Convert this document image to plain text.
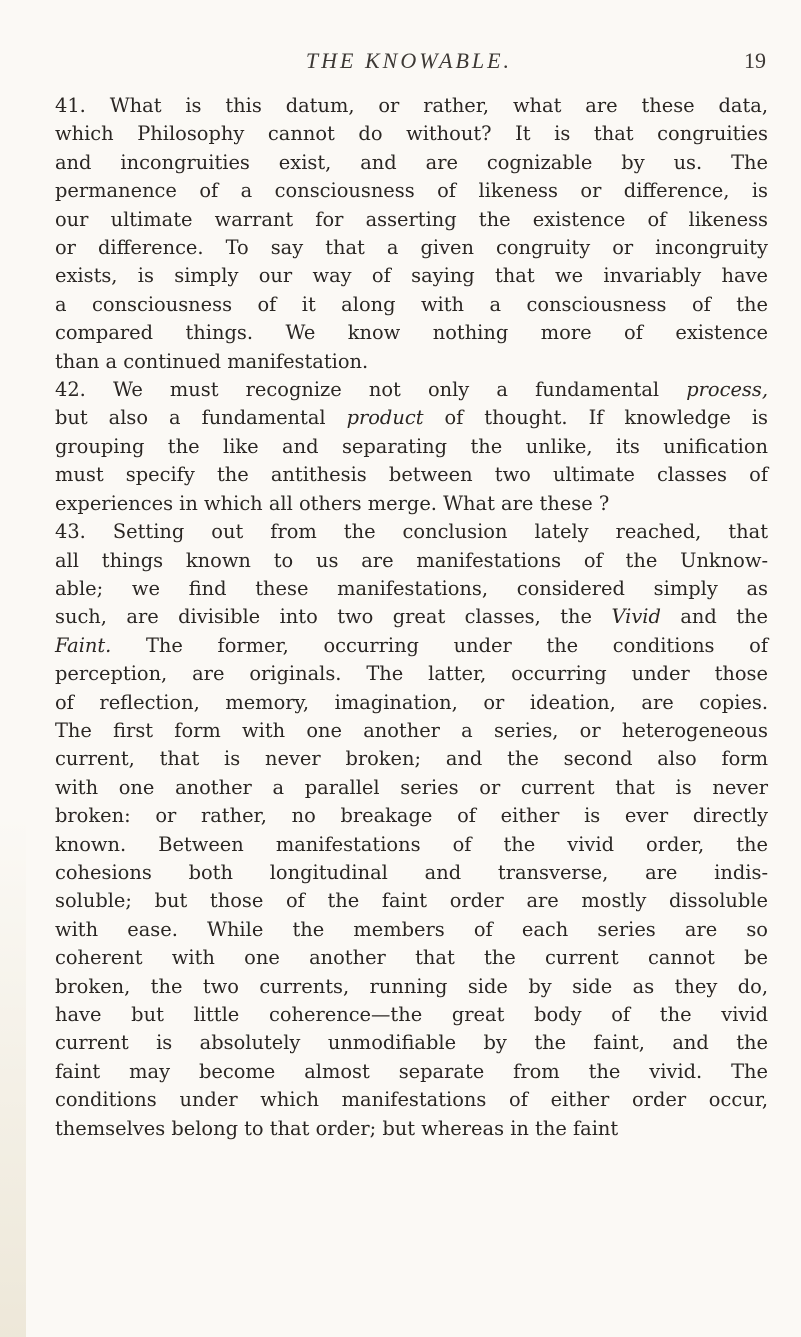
THE KNOWABLE.	19
41. What is this datum, or rather, what are these data,
which Philosophy cannot do without? It is that congruities
and incongruities exist, and are cognizable by us. The
permanence of a consciousness of likeness or difference, is
our ultimate warrant for asserting the existence of likeness
or difference. To say that a given congruity or incongruity
exists, is simply our way of saying that we invariably have
a consciousness of it along with a consciousness of the
compared things. We know nothing more of existence
than a continued manifestation.
42. We must recognize not only a fundamental process,
but also a fundamental product of thought. If knowledge is
grouping the like and separating the unlike, its unification
must specify the antithesis between two ultimate classes of
experiences in which all others merge. What are these ?
43. Setting out from the conclusion lately reached, that
all things known to us are manifestations of the Unknow-
able; we find these manifestations, considered simply as
such, are divisible into two great classes, the Vivid and the
Faint. The former, occurring under the conditions of
perception, are originals. The latter, occurring under those
of reflection, memory, imagination, or ideation, are copies.
The first form with one another a series, or heterogeneous
current, that is never broken; and the second also form
with one another a parallel series or current that is never
broken: or rather, no breakage of either is ever directly
known. Between manifestations of the vivid order, the
cohesions both longitudinal and transverse, are indis-
soluble; but those of the faint order are mostly dissoluble
with ease. While the members of each series are so
coherent with one another that the current cannot be
broken, the two currents, running side by side as they do,
have but little coherence—the great body of the vivid
current is absolutely unmodifiable by the faint, and the
faint may become almost separate from the vivid. The
conditions under which manifestations of either order occur,
themselves belong to that order; but whereas in the faint
